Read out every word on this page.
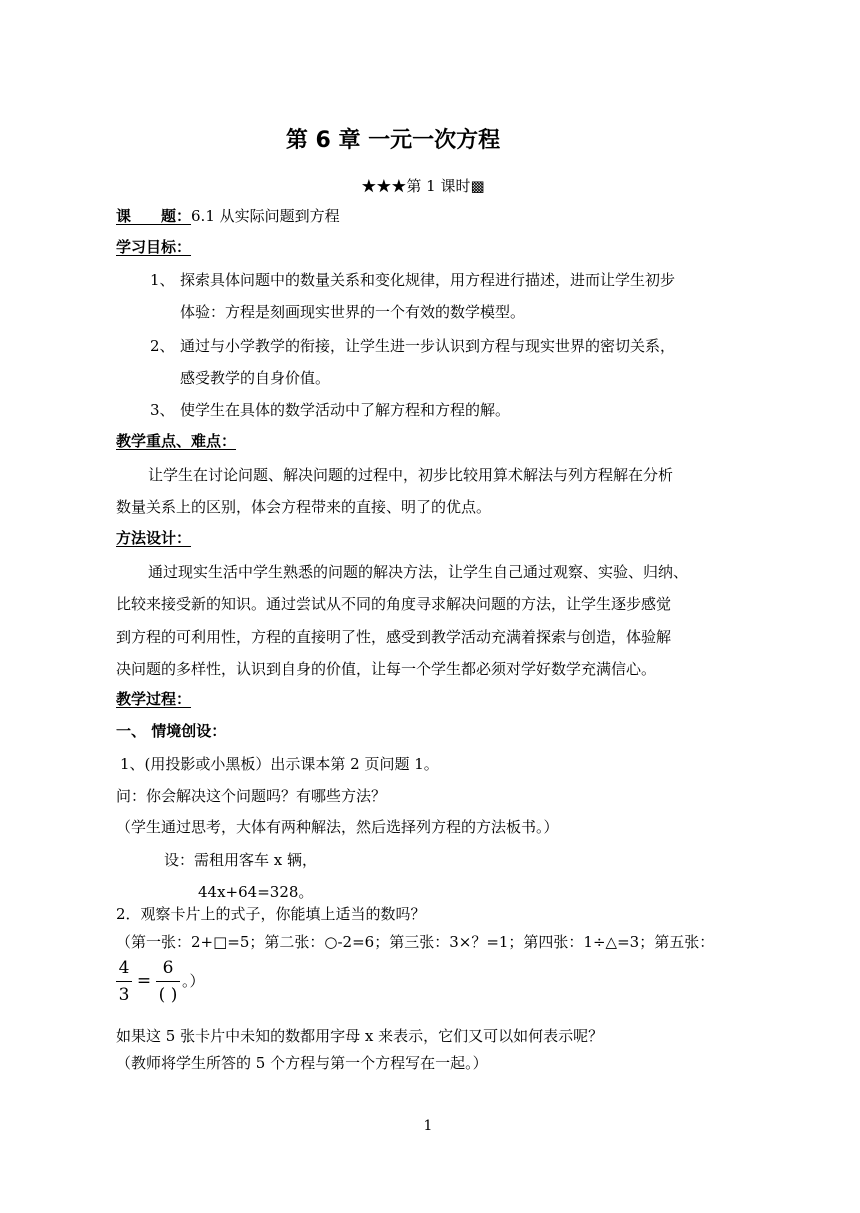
第 6 章 一元一次方程
★★★第 1 课时▩
课　　题：6.1 从实际问题到方程
学习目标：
1、 探索具体问题中的数量关系和变化规律，用方程进行描述，进而让学生初步
体验：方程是刻画现实世界的一个有效的数学模型。
2、 通过与小学教学的衔接，让学生进一步认识到方程与现实世界的密切关系，
感受教学的自身价值。
3、 使学生在具体的数学活动中了解方程和方程的解。
教学重点、难点：
让学生在讨论问题、解决问题的过程中，初步比较用算术解法与列方程解在分析
数量关系上的区别，体会方程带来的直接、明了的优点。
方法设计：
通过现实生活中学生熟悉的问题的解决方法，让学生自己通过观察、实验、归纳、
比较来接受新的知识。通过尝试从不同的角度寻求解决问题的方法，让学生逐步感觉
到方程的可利用性，方程的直接明了性，感受到教学活动充满着探索与创造，体验解
决问题的多样性，认识到自身的价值，让每一个学生都必须对学好数学充满信心。
教学过程：
一、 情境创设：
1、(用投影或小黑板）出示课本第 2 页问题 1。
问：你会解决这个问题吗？有哪些方法？
（学生通过思考，大体有两种解法，然后选择列方程的方法板书。）
设：需租用客车 x 辆，
44x+64=328。
2．观察卡片上的式子，你能填上适当的数吗？
（第一张：2+□=5；第二张：○-2=6；第三张：3×？=1；第四张：1÷△=3；第五张：
4
3
=
6
( )
。）
如果这 5 张卡片中未知的数都用字母 x 来表示，它们又可以如何表示呢？
（教师将学生所答的 5 个方程与第一个方程写在一起。）
1
